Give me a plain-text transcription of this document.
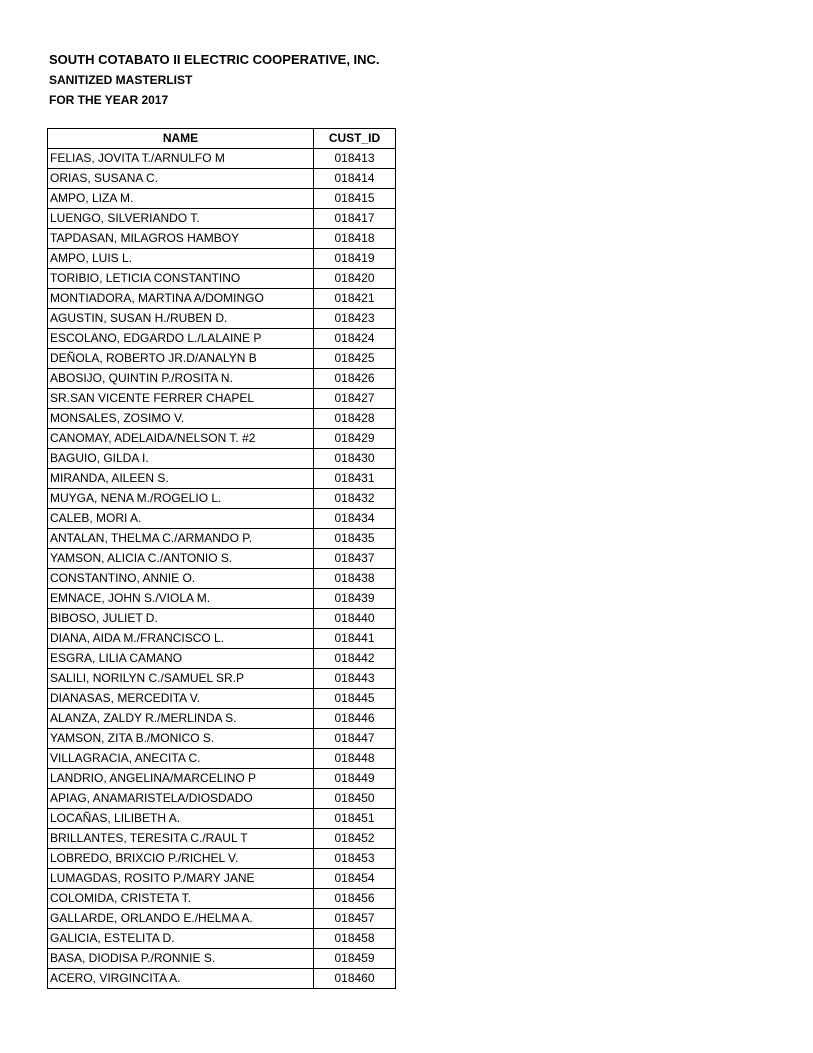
SOUTH COTABATO II ELECTRIC COOPERATIVE, INC.
SANITIZED MASTERLIST
FOR THE YEAR 2017
NAME	CUST_ID
FELIAS, JOVITA T./ARNULFO M	018413
ORIAS, SUSANA C.	018414
AMPO, LIZA M.	018415
LUENGO, SILVERIANDO T.	018417
TAPDASAN, MILAGROS HAMBOY	018418
AMPO, LUIS L.	018419
TORIBIO, LETICIA CONSTANTINO	018420
MONTIADORA, MARTINA A/DOMINGO	018421
AGUSTIN, SUSAN H./RUBEN D.	018423
ESCOLANO, EDGARDO L./LALAINE P	018424
DEÑOLA, ROBERTO JR.D/ANALYN B	018425
ABOSIJO, QUINTIN P./ROSITA N.	018426
SR.SAN VICENTE FERRER CHAPEL	018427
MONSALES, ZOSIMO V.	018428
CANOMAY, ADELAIDA/NELSON T. #2	018429
BAGUIO, GILDA I.	018430
MIRANDA, AILEEN S.	018431
MUYGA, NENA M./ROGELIO L.	018432
CALEB, MORI A.	018434
ANTALAN, THELMA C./ARMANDO P.	018435
YAMSON, ALICIA C./ANTONIO S.	018437
CONSTANTINO, ANNIE O.	018438
EMNACE, JOHN S./VIOLA M.	018439
BIBOSO, JULIET D.	018440
DIANA, AIDA M./FRANCISCO L.	018441
ESGRA, LILIA CAMANO	018442
SALILI, NORILYN C./SAMUEL SR.P	018443
DIANASAS, MERCEDITA V.	018445
ALANZA, ZALDY R./MERLINDA S.	018446
YAMSON, ZITA B./MONICO S.	018447
VILLAGRACIA, ANECITA C.	018448
LANDRIO, ANGELINA/MARCELINO P	018449
APIAG, ANAMARISTELA/DIOSDADO	018450
LOCAÑAS, LILIBETH A.	018451
BRILLANTES, TERESITA C./RAUL T	018452
LOBREDO, BRIXCIO P./RICHEL V.	018453
LUMAGDAS, ROSITO P./MARY JANE	018454
COLOMIDA, CRISTETA T.	018456
GALLARDE, ORLANDO E./HELMA A.	018457
GALICIA, ESTELITA D.	018458
BASA, DIODISA P./RONNIE S.	018459
ACERO, VIRGINCITA A.	018460
